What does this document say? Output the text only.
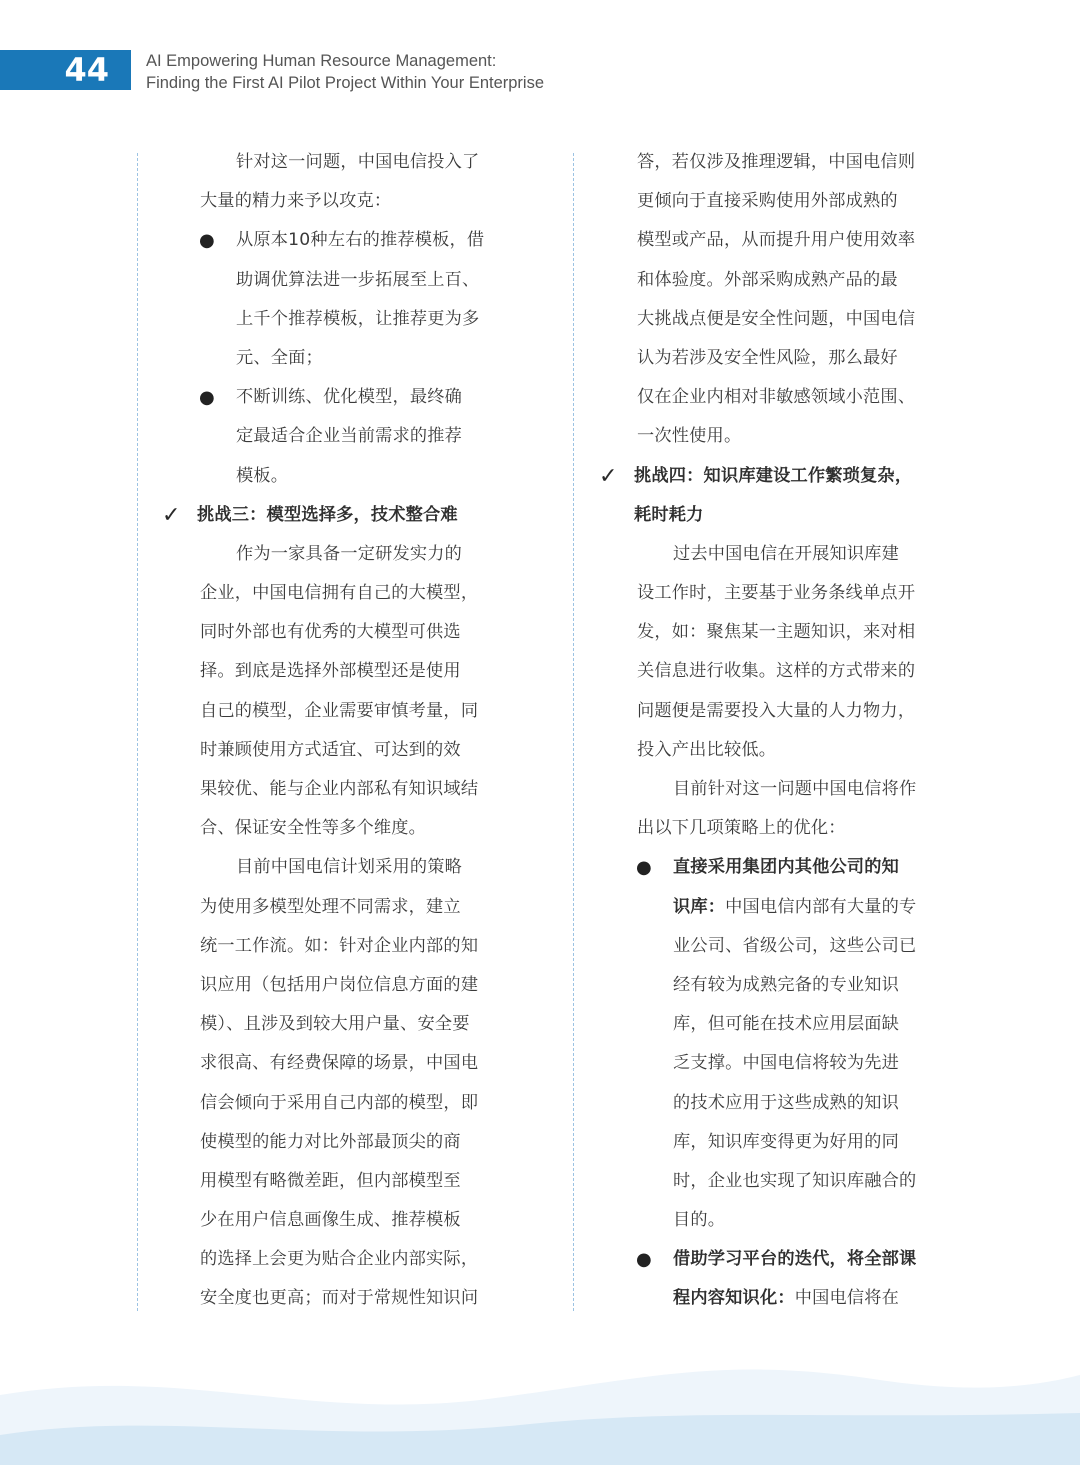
44	AI Empowering Human Resource Management:
Finding the First AI Pilot Project Within Your Enterprise
针对这一问题，中国电信投入了
大量的精力来予以攻克：
● 从原本10种左右的推荐模板，借
助调优算法进一步拓展至上百、
上千个推荐模板，让推荐更为多
元、全面；
● 不断训练、优化模型，最终确
定最适合企业当前需求的推荐
模板。
✓ 挑战三：模型选择多，技术整合难
作为一家具备一定研发实力的
企业，中国电信拥有自己的大模型，
同时外部也有优秀的大模型可供选
择。到底是选择外部模型还是使用
自己的模型，企业需要审慎考量，同
时兼顾使用方式适宜、可达到的效
果较优、能与企业内部私有知识域结
合、保证安全性等多个维度。
目前中国电信计划采用的策略
为使用多模型处理不同需求，建立
统一工作流。如：针对企业内部的知
识应用（包括用户岗位信息方面的建
模）、且涉及到较大用户量、安全要
求很高、有经费保障的场景，中国电
信会倾向于采用自己内部的模型，即
使模型的能力对比外部最顶尖的商
用模型有略微差距，但内部模型至
少在用户信息画像生成、推荐模板
的选择上会更为贴合企业内部实际，
安全度也更高；而对于常规性知识问
答，若仅涉及推理逻辑，中国电信则
更倾向于直接采购使用外部成熟的
模型或产品，从而提升用户使用效率
和体验度。外部采购成熟产品的最
大挑战点便是安全性问题，中国电信
认为若涉及安全性风险，那么最好
仅在企业内相对非敏感领域小范围、
一次性使用。
✓ 挑战四：知识库建设工作繁琐复杂，
耗时耗力
过去中国电信在开展知识库建
设工作时，主要基于业务条线单点开
发，如：聚焦某一主题知识，来对相
关信息进行收集。这样的方式带来的
问题便是需要投入大量的人力物力，
投入产出比较低。
目前针对这一问题中国电信将作
出以下几项策略上的优化：
● 直接采用集团内其他公司的知
识库：中国电信内部有大量的专
业公司、省级公司，这些公司已
经有较为成熟完备的专业知识
库，但可能在技术应用层面缺
乏支撑。中国电信将较为先进
的技术应用于这些成熟的知识
库，知识库变得更为好用的同
时，企业也实现了知识库融合的
目的。
● 借助学习平台的迭代，将全部课
程内容知识化：中国电信将在
